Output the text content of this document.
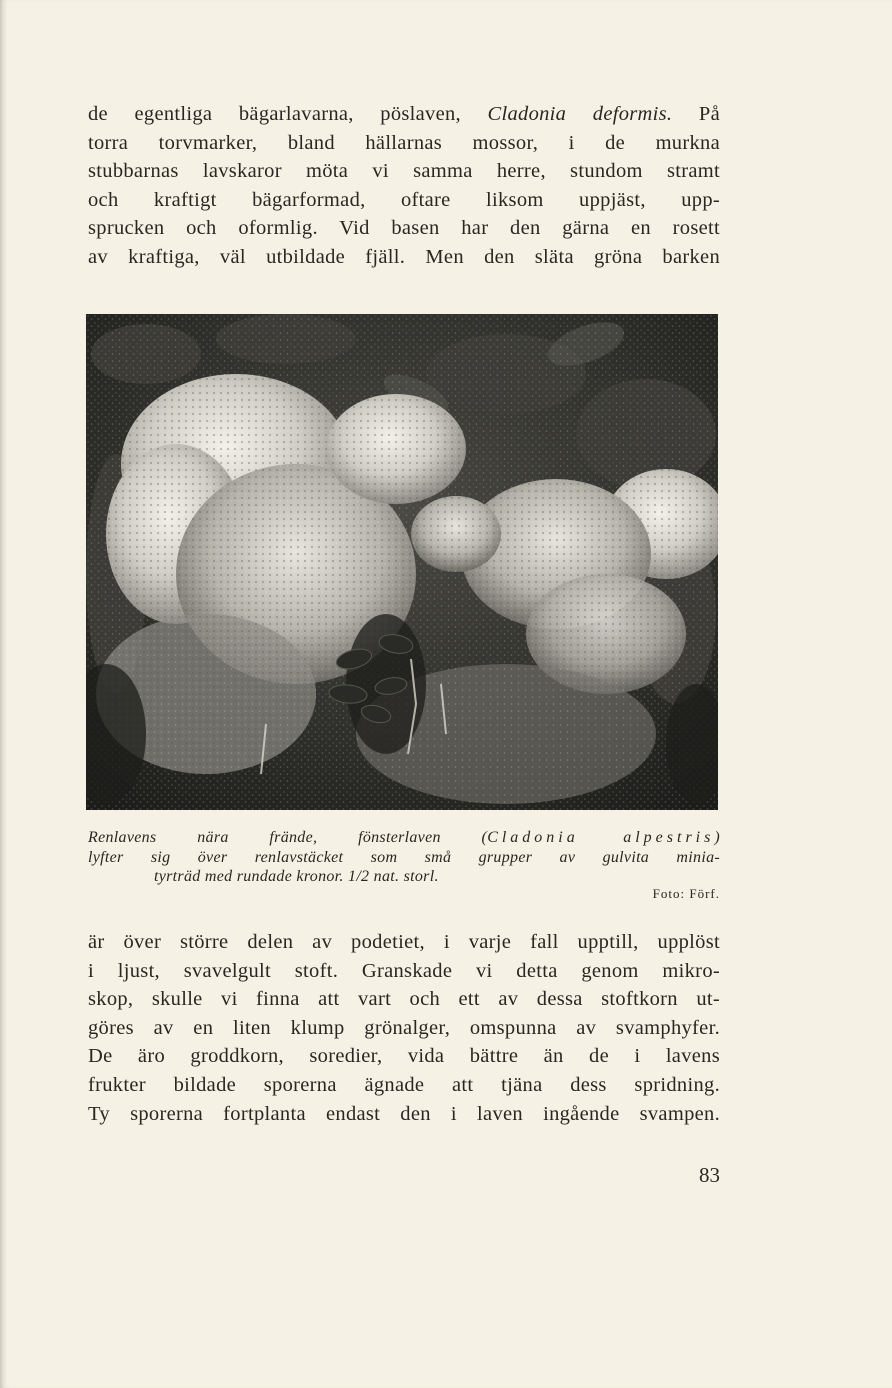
de egentliga bägarlavarna, pöslaven, Cladonia deformis. På
torra torvmarker, bland hällarnas mossor, i de murkna
stubbarnas lavskaror möta vi samma herre, stundom stramt
och kraftigt bägarformad, oftare liksom uppjäst, upp-
sprucken och oformlig. Vid basen har den gärna en rosett
av kraftiga, väl utbildade fjäll. Men den släta gröna barken
Renlavens nära frände, fönsterlaven (Cladonia alpestris)
lyfter sig över renlavstäcket som små grupper av gulvita minia-
tyrträd med rundade kronor. 1/2 nat. storl.
Foto: Förf.
är över större delen av podetiet, i varje fall upptill, upplöst
i ljust, svavelgult stoft. Granskade vi detta genom mikro-
skop, skulle vi finna att vart och ett av dessa stoftkorn ut-
göres av en liten klump grönalger, omspunna av svamphyfer.
De äro groddkorn, soredier, vida bättre än de i lavens
frukter bildade sporerna ägnade att tjäna dess spridning.
Ty sporerna fortplanta endast den i laven ingående svampen.
83
